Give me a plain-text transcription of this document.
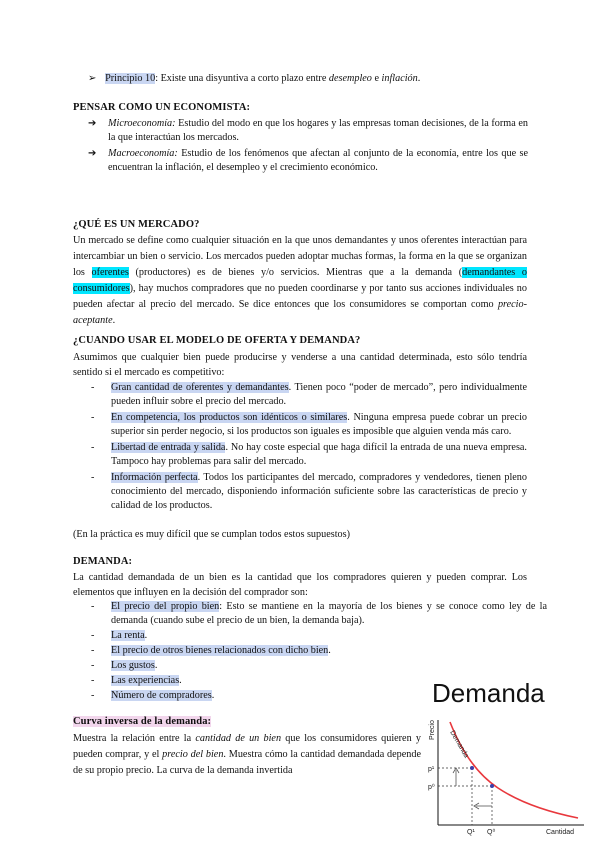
➢ Principio 10: Existe una disyuntiva a corto plazo entre desempleo e inflación.
PENSAR COMO UN ECONOMISTA:
➔ Microeconomía: Estudio del modo en que los hogares y las empresas toman decisiones, de la forma en la que interactúan los mercados.
➔ Macroeconomía: Estudio de los fenómenos que afectan al conjunto de la economía, entre los que se encuentran la inflación, el desempleo y el crecimiento económico.
¿QUÉ ES UN MERCADO?
Un mercado se define como cualquier situación en la que unos demandantes y unos oferentes interactúan para intercambiar un bien o servicio. Los mercados pueden adoptar muchas formas, la forma en la que se organizan los oferentes (productores) es de bienes y/o servicios. Mientras que a la demanda (demandantes o consumidores), hay muchos compradores que no pueden coordinarse y por tanto sus acciones individuales no pueden afectar al precio del mercado. Se dice entonces que los consumidores se comportan como precio-aceptante.
¿CUANDO USAR EL MODELO DE OFERTA Y DEMANDA?
Asumimos que cualquier bien puede producirse y venderse a una cantidad determinada, esto sólo tendría sentido si el mercado es competitivo:
- Gran cantidad de oferentes y demandantes. Tienen poco “poder de mercado”, pero individualmente pueden influir sobre el precio del mercado.
- En competencia, los productos son idénticos o similares. Ninguna empresa puede cobrar un precio superior sin perder negocio, si los productos son iguales es imposible que alguien venda más caro.
- Libertad de entrada y salida. No hay coste especial que haga difícil la entrada de una nueva empresa. Tampoco hay problemas para salir del mercado.
- Información perfecta. Todos los participantes del mercado, compradores y vendedores, tienen pleno conocimiento del mercado, disponiendo información suficiente sobre las características de precio y calidad de los productos.
(En la práctica es muy difícil que se cumplan todos estos supuestos)
DEMANDA:
La cantidad demandada de un bien es la cantidad que los compradores quieren y pueden comprar. Los elementos que influyen en la decisión del comprador son:
- El precio del propio bien: Esto se mantiene en la mayoría de los bienes y se conoce como ley de la demanda (cuando sube el precio de un bien, la demanda baja).
- La renta.
- El precio de otros bienes relacionados con dicho bien.
- Los gustos.
- Las experiencias.
- Número de compradores.
Curva inversa de la demanda:
Muestra la relación entre la cantidad de un bien que los consumidores quieren y pueden comprar, y el precio del bien. Muestra cómo la cantidad demandada depende de su propio precio. La curva de la demanda invertida
Demanda
Precio Demanda
p¹
p⁰
Q¹ Q⁰	Cantidad
